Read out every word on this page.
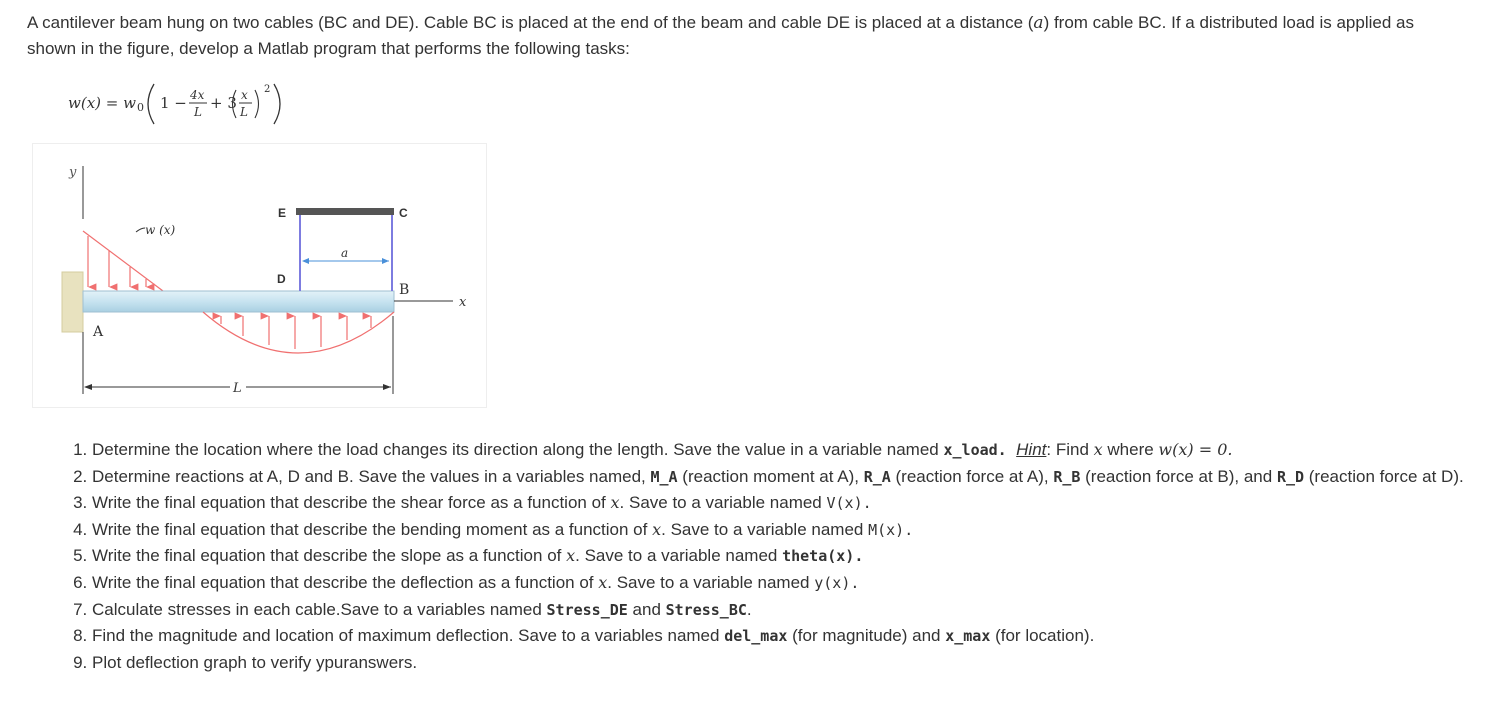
A cantilever beam hung on two cables (BC and DE). Cable BC is placed at the end of the beam and cable DE is placed at a distance (a) from cable BC. If a distributed load is applied as shown in the figure, develop a Matlab program that performs the following tasks:

w(x) = w 0 1 − 4x
L + 3 x
L
2
y
A
w (x)
E	C
D
B
a
x
L
1. Determine the location where the load changes its direction along the length. Save the value in a variable named x_load. Hint: Find x where w(x) = 0.
2. Determine reactions at A, D and B. Save the values in a variables named, M_A (reaction moment at A), R_A (reaction force at A), R_B (reaction force at B), and R_D (reaction force at D).
3. Write the final equation that describe the shear force as a function of x. Save to a variable named V(x).
4. Write the final equation that describe the bending moment as a function of x. Save to a variable named M(x).
5. Write the final equation that describe the slope as a function of x. Save to a variable named theta(x).
6. Write the final equation that describe the deflection as a function of x. Save to a variable named y(x).
7. Calculate stresses in each cable.Save to a variables named Stress_DE and Stress_BC.
8. Find the magnitude and location of maximum deflection. Save to a variables named del_max (for magnitude) and x_max (for location).
9. Plot deflection graph to verify ypuranswers.
